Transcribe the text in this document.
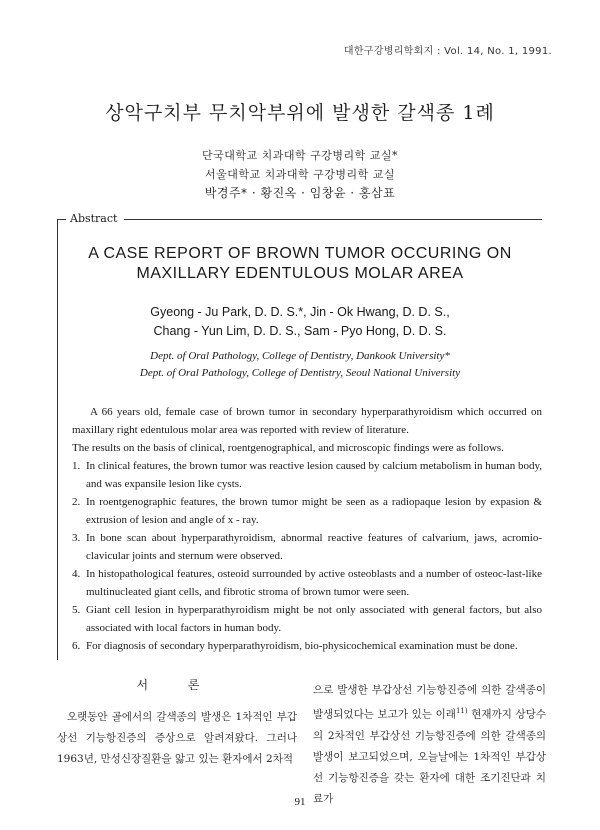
대한구강병리학회지 : Vol. 14, No. 1, 1991.
상악구치부 무치악부위에 발생한 갈색종 1례
단국대학교 치과대학 구강병리학 교실*
서울대학교 치과대학 구강병리학 교실
박경주* · 황진옥 · 임창윤 · 홍삼표
Abstract
A CASE REPORT OF BROWN TUMOR OCCURING ON
MAXILLARY EDENTULOUS MOLAR AREA
Gyeong - Ju Park, D. D. S.*, Jin - Ok Hwang, D. D. S.,
Chang - Yun Lim, D. D. S., Sam - Pyo Hong, D. D. S.
Dept. of Oral Pathology, College of Dentistry, Dankook University*
Dept. of Oral Pathology, College of Dentistry, Seoul National University

A 66 years old, female case of brown tumor in secondary hyperparathyroidism which occurred on maxillary right edentulous molar area was reported with review of literature.

The results on the basis of clinical, roentgenographical, and microscopic findings were as follows.

1. In clinical features, the brown tumor was reactive lesion caused by calcium metabolism in human body, and was expansile lesion like cysts.
2. In roentgenographic features, the brown tumor might be seen as a radiopaque lesion by expasion & extrusion of lesion and angle of x - ray.
3. In bone scan about hyperparathyroidism, abnormal reactive features of calvarium, jaws, acromio-clavicular joints and sternum were observed.
4. In histopathological features, osteoid surrounded by active osteoblasts and a number of osteoc-last-like multinucleated giant cells, and fibrotic stroma of brown tumor were seen.
5. Giant cell lesion in hyperparathyroidism might be not only associated with general factors, but also associated with local factors in human body.
6. For diagnosis of secondary hyperparathyroidism, bio-physicochemical examination must be done.
서 론
오랫동안 골에서의 갈색종의 발생은 1차적인 부갑상선 기능항진증의 증상으로 알려져왔다. 그러나 1963년, 만성신장질환을 앓고 있는 환자에서 2차적
으로 발생한 부갑상선 기능항진증에 의한 갈색종이 발생되었다는 보고가 있는 이래$^{11)}$ 현재까지 상당수의 2차적인 부갑상선 기능항진증에 의한 갈색종의 발생이 보고되었으며, 오늘날에는 1차적인 부갑상선 기능항진증을 갖는 환자에 대한 조기진단과 치료가
91
